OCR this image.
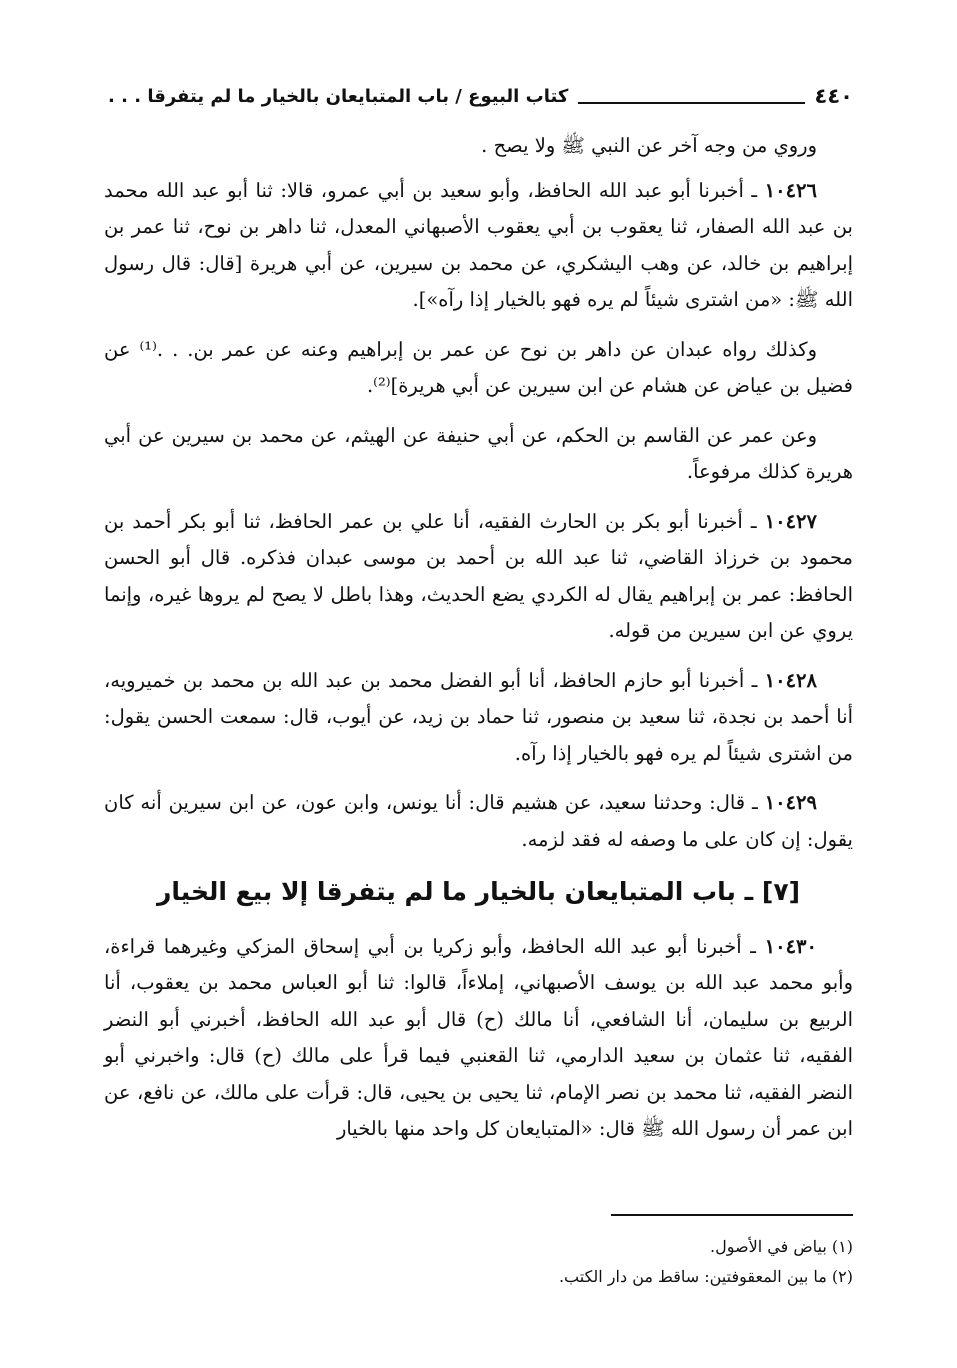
٤٤٠
كتاب البيوع / باب المتبايعان بالخيار ما لم يتفرقا . . .

وروي من وجه آخر عن النبي ﷺ ولا يصح .

١٠٤٢٦ ـ أخبرنا أبو عبد الله الحافظ، وأبو سعيد بن أبي عمرو، قالا: ثنا أبو عبد الله محمد بن عبد الله الصفار، ثنا يعقوب بن أبي يعقوب الأصبهاني المعدل، ثنا داهر بن نوح، ثنا عمر بن إبراهيم بن خالد، عن وهب اليشكري، عن محمد بن سيرين، عن أبي هريرة [قال: قال رسول الله ﷺ: «من اشترى شيئاً لم يره فهو بالخيار إذا رآه»].

وكذلك رواه عبدان عن داهر بن نوح عن عمر بن إبراهيم وعنه عن عمر بن. . .⁽¹⁾ عن فضيل بن عياض عن هشام عن ابن سيرين عن أبي هريرة]⁽²⁾.

وعن عمر عن القاسم بن الحكم، عن أبي حنيفة عن الهيثم، عن محمد بن سيرين عن أبي هريرة كذلك مرفوعاً.

١٠٤٢٧ ـ أخبرنا أبو بكر بن الحارث الفقيه، أنا علي بن عمر الحافظ، ثنا أبو بكر أحمد بن محمود بن خرزاذ القاضي، ثنا عبد الله بن أحمد بن موسى عبدان فذكره. قال أبو الحسن الحافظ: عمر بن إبراهيم يقال له الكردي يضع الحديث، وهذا باطل لا يصح لم يروها غيره، وإنما يروي عن ابن سيرين من قوله.

١٠٤٢٨ ـ أخبرنا أبو حازم الحافظ، أنا أبو الفضل محمد بن عبد الله بن محمد بن خميرويه، أنا أحمد بن نجدة، ثنا سعيد بن منصور، ثنا حماد بن زيد، عن أيوب، قال: سمعت الحسن يقول: من اشترى شيئاً لم يره فهو بالخيار إذا رآه.

١٠٤٢٩ ـ قال: وحدثنا سعيد، عن هشيم قال: أنا يونس، وابن عون، عن ابن سيرين أنه كان يقول: إن كان على ما وصفه له فقد لزمه.

[٧] ـ باب المتبايعان بالخيار ما لم يتفرقا إلا بيع الخيار

١٠٤٣٠ ـ أخبرنا أبو عبد الله الحافظ، وأبو زكريا بن أبي إسحاق المزكي وغيرهما قراءة، وأبو محمد عبد الله بن يوسف الأصبهاني، إملاءاً، قالوا: ثنا أبو العباس محمد بن يعقوب، أنا الربيع بن سليمان، أنا الشافعي، أنا مالك (ح) قال أبو عبد الله الحافظ، أخبرني أبو النضر الفقيه، ثنا عثمان بن سعيد الدارمي، ثنا القعنبي فيما قرأ على مالك (ح) قال: واخبرني أبو النضر الفقيه، ثنا محمد بن نصر الإمام، ثنا يحيى بن يحيى، قال: قرأت على مالك، عن نافع، عن ابن عمر أن رسول الله ﷺ قال: «المتبايعان كل واحد منها بالخيار

(١) بياض في الأصول.
(٢) ما بين المعقوفتين: ساقط من دار الكتب.
